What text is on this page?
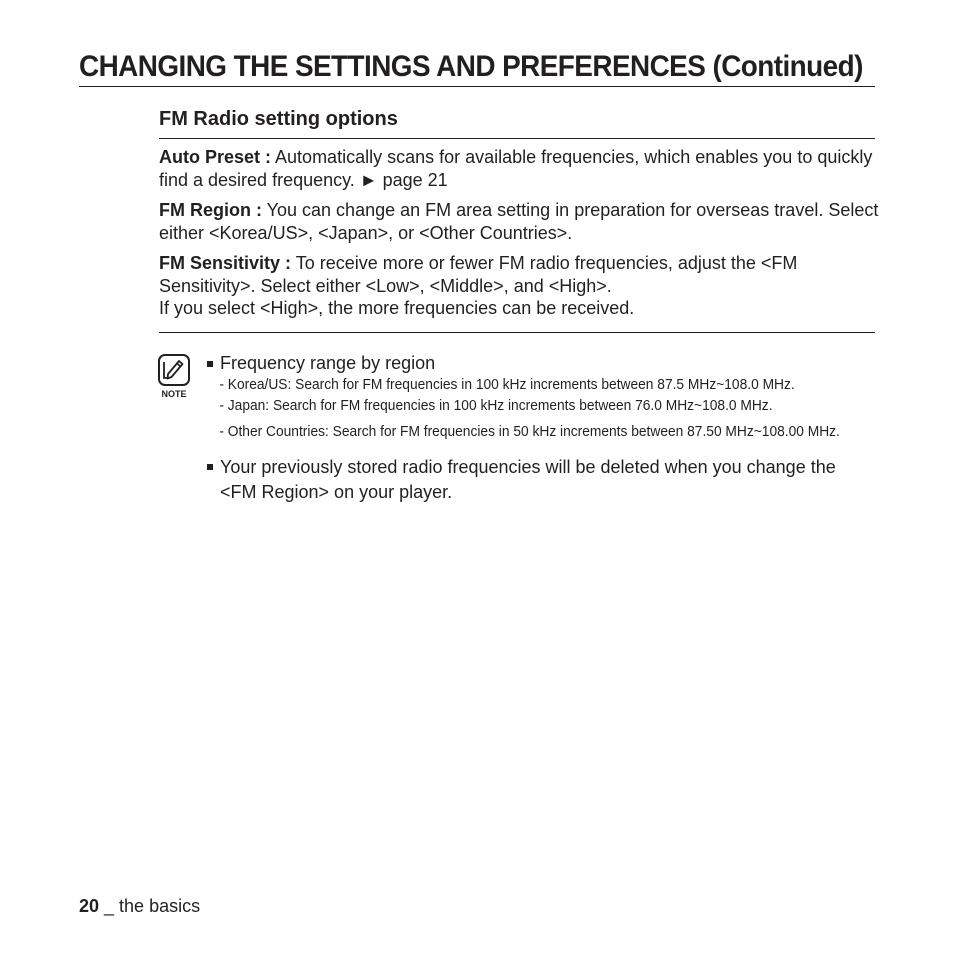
CHANGING THE SETTINGS AND PREFERENCES (Continued)
FM Radio setting options

Auto Preset : Automatically scans for available frequencies, which enables you to quickly find a desired frequency. ► page 21

FM Region : You can change an FM area setting in preparation for overseas travel. Select either <Korea/US>, <Japan>, or <Other Countries>.

FM Sensitivity : To receive more or fewer FM radio frequencies, adjust the <FM Sensitivity>. Select either <Low>, <Middle>, and <High>.
If you select <High>, the more frequencies can be received.

NOTE
Frequency range by region
- Korea/US: Search for FM frequencies in 100 kHz increments between 87.5 MHz~108.0 MHz.
- Japan: Search for FM frequencies in 100 kHz increments between 76.0 MHz~108.0 MHz.
- Other Countries: Search for FM frequencies in 50 kHz increments between 87.50 MHz~108.00 MHz.
Your previously stored radio frequencies will be deleted when you change the <FM Region> on your player.
20 _ the basics
